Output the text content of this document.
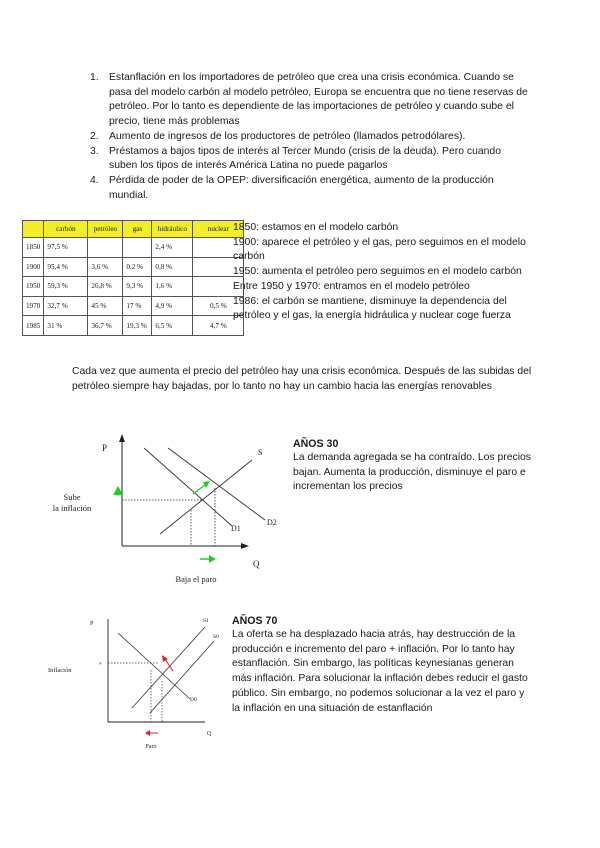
1. Estanflación en los importadores de petróleo que crea una crisis económica. Cuando se pasa del modelo carbón al modelo petróleo, Europa se encuentra que no tiene reservas de petróleo. Por lo tanto es dependiente de las importaciones de petróleo y cuando sube el precio, tiene más problemas
2. Aumento de ingresos de los productores de petróleo (llamados petrodólares).
3. Préstamos a bajos tipos de interés al Tercer Mundo (crisis de la deuda). Pero cuando suben los tipos de interés América Latina no puede pagarlos
4. Pérdida de poder de la OPEP: diversificación energética, aumento de la producción mundial.
	carbón	petróleo	gas	hidráulico	nuclear
1850	97,5 %			2,4 %	
1900	95,4 %	3,6 %	0,2 %	0,8 %	
1950	59,3 %	26,8 %	9,3 %	1,6 %	
1970	32,7 %	45 %	17 %	4,9 %	0,5 %
1985	31 %	36,7 %	19,3 %	6,5 %	4,7 %
1850: estamos en el modelo carbón
1900: aparece el petróleo y el gas, pero seguimos en el modelo carbón
1950: aumenta el petróleo pero seguimos en el modelo carbón
Entre 1950 y 1970: entramos en el modelo petróleo
1986: el carbón se mantiene, disminuye la dependencia del petróleo y el gas, la energía hidráulica y nuclear coge fuerza
Cada vez que aumenta el precio del petróleo hay una crisis económica. Después de las subidas del petróleo siempre hay bajadas, por lo tanto no hay un cambio hacia las energías renovables
P
Q
S
D1
D2
Sube
la inflación
Baja el paro
AÑOS 30
La demanda agregada se ha contraído. Los precios bajan. Aumenta la producción, disminuye el paro e incrementan los precios
P
Q
S1
S0
D0
*
Inflación
Paro
AÑOS 70
La oferta se ha desplazado hacia atrás, hay destrucción de la producción e incremento del paro + inflación. Por lo tanto hay estanflación. Sin embargo, las políticas keynesianas generan más inflación. Para solucionar la inflación debes reducir el gasto público. Sin embargo, no podemos solucionar a la vez el paro y la inflación en una situación de estanflación
